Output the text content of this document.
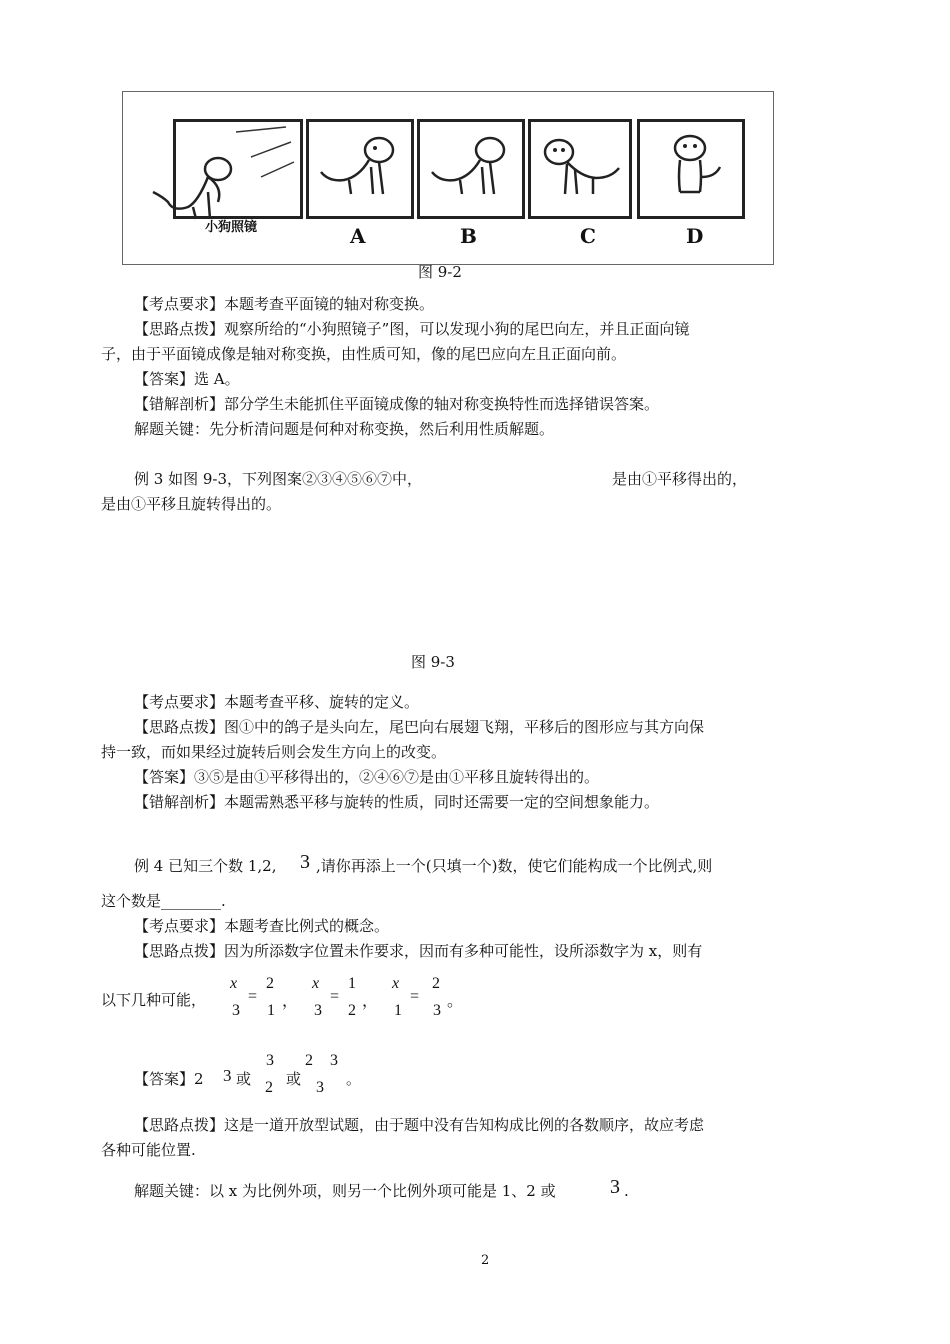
小狗照镜	A	B	C	D
图 9-2
【考点要求】本题考查平面镜的轴对称变换。
【思路点拨】观察所给的“小狗照镜子”图，可以发现小狗的尾巴向左，并且正面向镜
子，由于平面镜成像是轴对称变换，由性质可知，像的尾巴应向左且正面向前。
【答案】选 A。
【错解剖析】部分学生未能抓住平面镜成像的轴对称变换特性而选择错误答案。
解题关键：先分析清问题是何种对称变换，然后利用性质解题。
例 3 如图 9-3，下列图案②③④⑤⑥⑦中，	是由①平移得出的，
是由①平移且旋转得出的。
图 9-3
【考点要求】本题考查平移、旋转的定义。
【思路点拨】图①中的鸽子是头向左，尾巴向右展翅飞翔，平移后的图形应与其方向保
持一致，而如果经过旋转后则会发生方向上的改变。
【答案】③⑤是由①平移得出的，②④⑥⑦是由①平移且旋转得出的。
【错解剖析】本题需熟悉平移与旋转的性质，同时还需要一定的空间想象能力。
例 4 已知三个数 1,2, 3 ,请你再添上一个(只填一个)数，使它们能构成一个比例式,则
这个数是________.
【考点要求】本题考查比例式的概念。
【思路点拨】因为所添数字位置未作要求，因而有多种可能性，设所添数字为 x，则有
以下几种可能，
x
3
=
2
1
，
x
3
=
1
2
，
x
1
=
2
3
。
【答案】2 3 或
3
2 或
2 3
3 。
【思路点拨】这是一道开放型试题，由于题中没有告知构成比例的各数顺序，故应考虑
各种可能位置.
解题关键：以 x 为比例外项，则另一个比例外项可能是 1、2 或	3 .
2
